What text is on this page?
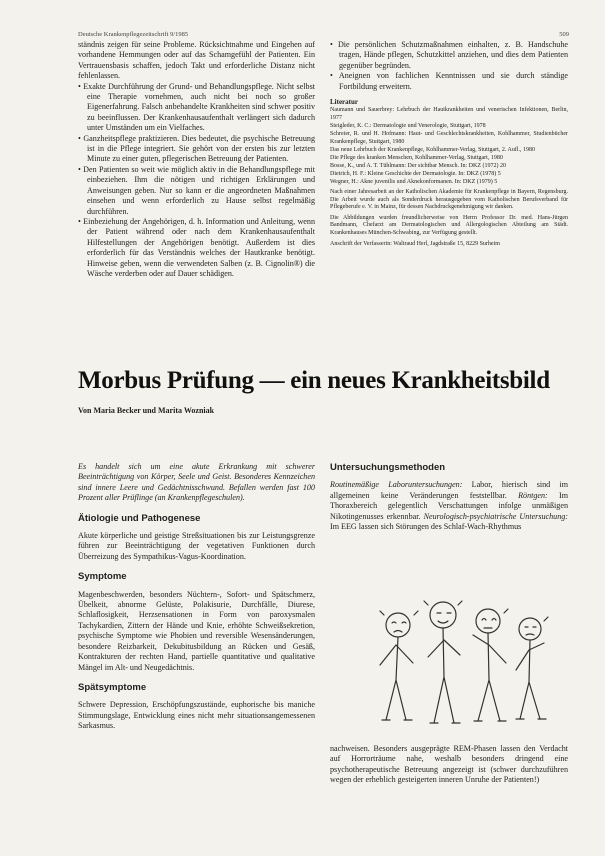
Deutsche Krankenpflegezeitschrift 9/1985	509

ständnis zeigen für seine Probleme. Rücksichtnahme und Eingehen auf vorhandene Hemmungen oder auf das Schamgefühl der Patienten. Ein Vertrauensbasis schaffen, jedoch Takt und erforderliche Distanz nicht fehlenlassen.

• Exakte Durchführung der Grund- und Behandlungspflege. Nicht selbst eine Therapie vornehmen, auch nicht bei noch so großer Eigenerfahrung. Falsch anbehandelte Krankheiten sind schwer positiv zu beeinflussen. Der Krankenhausaufenthalt verlängert sich dadurch unter Umständen um ein Vielfaches.

• Ganzheitspflege praktizieren. Dies bedeutet, die psychische Betreuung ist in die Pflege integriert. Sie gehört von der ersten bis zur letzten Minute zu einer guten, pflegerischen Betreuung der Patienten.

• Den Patienten so weit wie möglich aktiv in die Behandlungspflege mit einbeziehen. Ihm die nötigen und richtigen Erklärungen und Anweisungen geben. Nur so kann er die angeordneten Maßnahmen einsehen und wenn erforderlich zu Hause selbst regelmäßig durchführen.

• Einbeziehung der Angehörigen, d. h. Information und Anleitung, wenn der Patient während oder nach dem Krankenhausaufenthalt Hilfestellungen der Angehörigen benötigt. Außerdem ist dies erforderlich für das Verständnis welches der Hautkranke benötigt. Hinweise geben, wenn die verwendeten Salben (z. B. Cignolin®) die Wäsche verderben oder auf Dauer schädigen.

• Die persönlichen Schutzmaßnahmen einhalten, z. B. Handschuhe tragen, Hände pflegen, Schutzkittel anziehen, und dies dem Patienten gegenüber begründen.

• Aneignen von fachlichen Kenntnissen und sie durch ständige Fortbildung erweitern.

Literatur
Naumann und Sauerbrey: Lehrbuch der Hautkrankheiten und venerischen Infektionen, Berlin, 1977
Steigleder, K. C.: Dermatologie und Venerologie, Stuttgart, 1978
Schreier, R. und H. Hofmann: Haut- und Geschlechtskrankheiten, Kohlhammer, Studienbücher Krankenpflege, Stuttgart, 1980
Das neue Lehrbuch der Krankenpflege, Kohlhammer-Verlag, Stuttgart, 2. Aufl., 1980
Die Pflege des kranken Menschen, Kohlhammer-Verlag, Stuttgart, 1980
Bosse, K., und A. T. Tühlmann: Der sichtbar Mensch. In: DKZ (1972) 20
Dietrich, H. F.: Kleine Geschichte der Dermatologie. In: DKZ (1978) 5
Wegner, H.: Akne juvenilis und Aknekonformanen. In: DKZ (1979) 5
Nach einer Jahresarbeit an der Katholischen Akademie für Krankenpflege in Bayern, Regensburg. Die Arbeit wurde auch als Sonderdruck herausgegeben vom Katholischen Berufsverband für Pflegeberufe e. V. in Mainz, für dessen Nachdruckgenehmigung wir danken.
Die Abbildungen wurden freundlicherweise von Herrn Professor Dr. med. Hans-Jürgen Bandmann, Chefarzt am Dermatologischen und Allergologischen Abteilung am Städt. Krankenhauses München-Schwabing, zur Verfügung gestellt.
Anschrift der Verfasserin: Waltraud Herl, Jagdstraße 15, 8229 Surheim
Morbus Prüfung — ein neues Krankheitsbild
Von Maria Becker und Marita Wozniak

Es handelt sich um eine akute Erkrankung mit schwerer Beeinträchtigung von Körper, Seele und Geist. Besonderes Kennzeichen sind innere Leere und Gedächtnisschwund. Befallen werden fast 100 Prozent aller Prüflinge (an Krankenpflegeschulen).

Ätiologie und Pathogenese

Akute körperliche und geistige Streßsituationen bis zur Leistungsgrenze führen zur Beeinträchtigung der vegetativen Funktionen durch Überreizung des Sympathikus-Vagus-Koordination.

Symptome

Magenbeschwerden, besonders Nüchtern-, Sofort- und Spätschmerz, Übelkeit, abnorme Gelüste, Polakisurie, Durchfälle, Diurese, Schlaflosigkeit, Herzsensationen in Form von paroxysmalen Tachykardien, Zittern der Hände und Knie, erhöhte Schweißsekretion, psychische Symptome wie Phobien und reversible Wesensänderungen, besondere Reizbarkeit, Dekubitusbildung an Rücken und Gesäß, Kontrakturen der rechten Hand, partielle quantitative und qualitative Mängel im Alt- und Neugedächtnis.

Spätsymptome

Schwere Depression, Erschöpfungszustände, euphorische bis maniche Stimmungslage, Entwicklung eines nicht mehr situationsangemessenen Sarkasmus.

Untersuchungsmethoden

Routinemäßige Laboruntersuchungen: Labor, hierisch sind im allgemeinen keine Veränderungen feststellbar. Röntgen: Im Thoraxbereich gelegentlich Verschattungen infolge unmäßigen Nikotingenusses erkennbar. Neurologisch-psychiatrische Untersuchung: Im EEG lassen sich Störungen des Schlaf-Wach-Rhythmus

nachweisen. Besonders ausgeprägte REM-Phasen lassen den Verdacht auf Horrorträume nahe, weshalb besonders dringend eine psychotherapeutische Betreuung angezeigt ist (schwer durchzuführen wegen der erheblich gesteigerten inneren Unruhe der Patienten!)
